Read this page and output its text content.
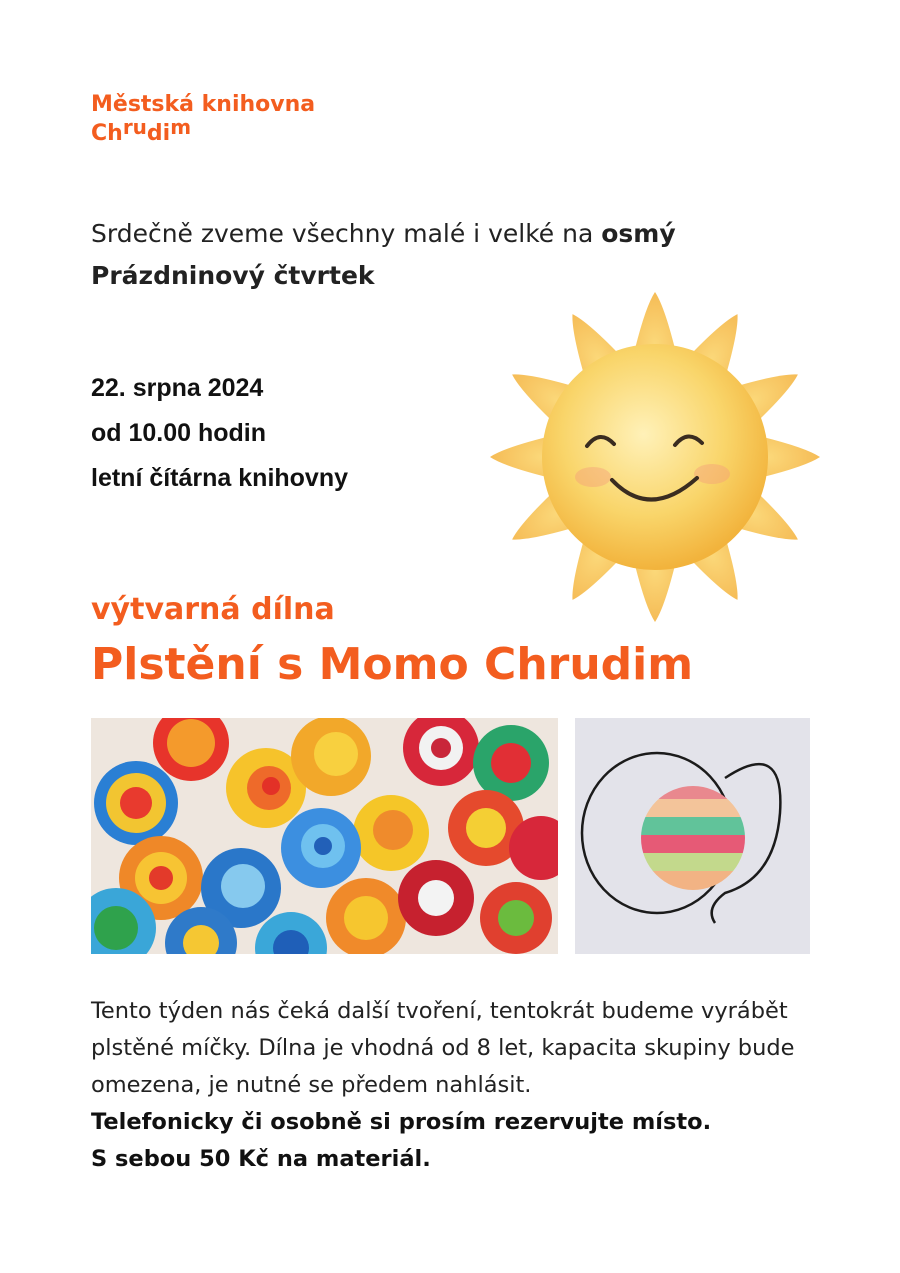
Městská knihovna
Chrudim
Srdečně zveme všechny malé i velké na osmý Prázdninový čtvrtek
22. srpna 2024
od 10.00 hodin
letní čítárna knihovny
výtvarná dílna
Plstění s Momo Chrudim
Tento týden nás čeká další tvoření, tentokrát budeme vyrábět plstěné míčky. Dílna je vhodná od 8 let, kapacita skupiny bude omezena, je nutné se předem nahlásit.
Telefonicky či osobně si prosím rezervujte místo.
S sebou 50 Kč na materiál.
